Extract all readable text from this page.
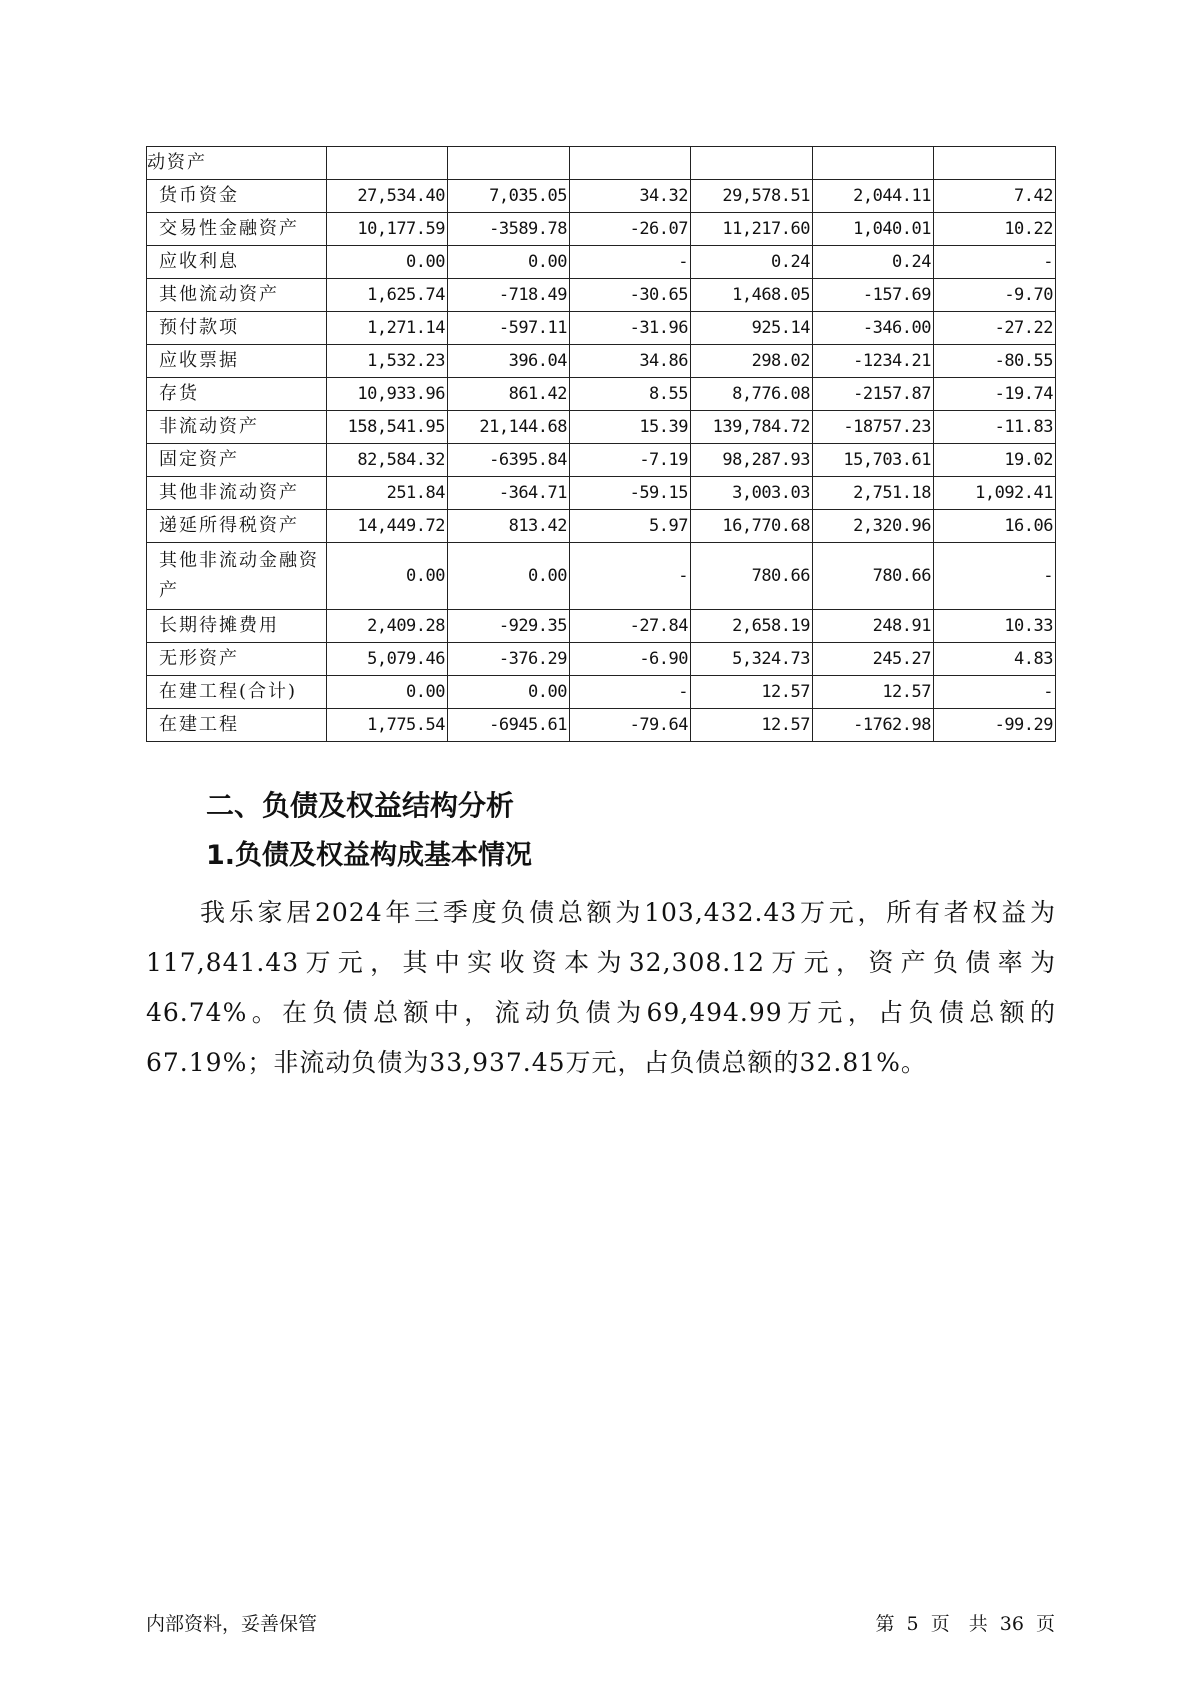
动资产						
货币资金	27,534.40	7,035.05	34.32	29,578.51	2,044.11	7.42
交易性金融资产	10,177.59	-3589.78	-26.07	11,217.60	1,040.01	10.22
应收利息	0.00	0.00	-	0.24	0.24	-
其他流动资产	1,625.74	-718.49	-30.65	1,468.05	-157.69	-9.70
预付款项	1,271.14	-597.11	-31.96	925.14	-346.00	-27.22
应收票据	1,532.23	396.04	34.86	298.02	-1234.21	-80.55
存货	10,933.96	861.42	8.55	8,776.08	-2157.87	-19.74
非流动资产	158,541.95	21,144.68	15.39	139,784.72	-18757.23	-11.83
固定资产	82,584.32	-6395.84	-7.19	98,287.93	15,703.61	19.02
其他非流动资产	251.84	-364.71	-59.15	3,003.03	2,751.18	1,092.41
递延所得税资产	14,449.72	813.42	5.97	16,770.68	2,320.96	16.06
其他非流动金融资产	0.00	0.00	-	780.66	780.66	-
长期待摊费用	2,409.28	-929.35	-27.84	2,658.19	248.91	10.33
无形资产	5,079.46	-376.29	-6.90	5,324.73	245.27	4.83
在建工程(合计)	0.00	0.00	-	12.57	12.57	-
在建工程	1,775.54	-6945.61	-79.64	12.57	-1762.98	-99.29
二、负债及权益结构分析
1.负债及权益构成基本情况
我乐家居2024年三季度负债总额为103,432.43万元，所有者权益为117,841.43万元，其中实收资本为32,308.12万元，资产负债率为46.74%。在负债总额中，流动负债为69,494.99万元，占负债总额的67.19%；非流动负债为33,937.45万元，占负债总额的32.81%。
内部资料，妥善保管	第 5 页　共 36 页
